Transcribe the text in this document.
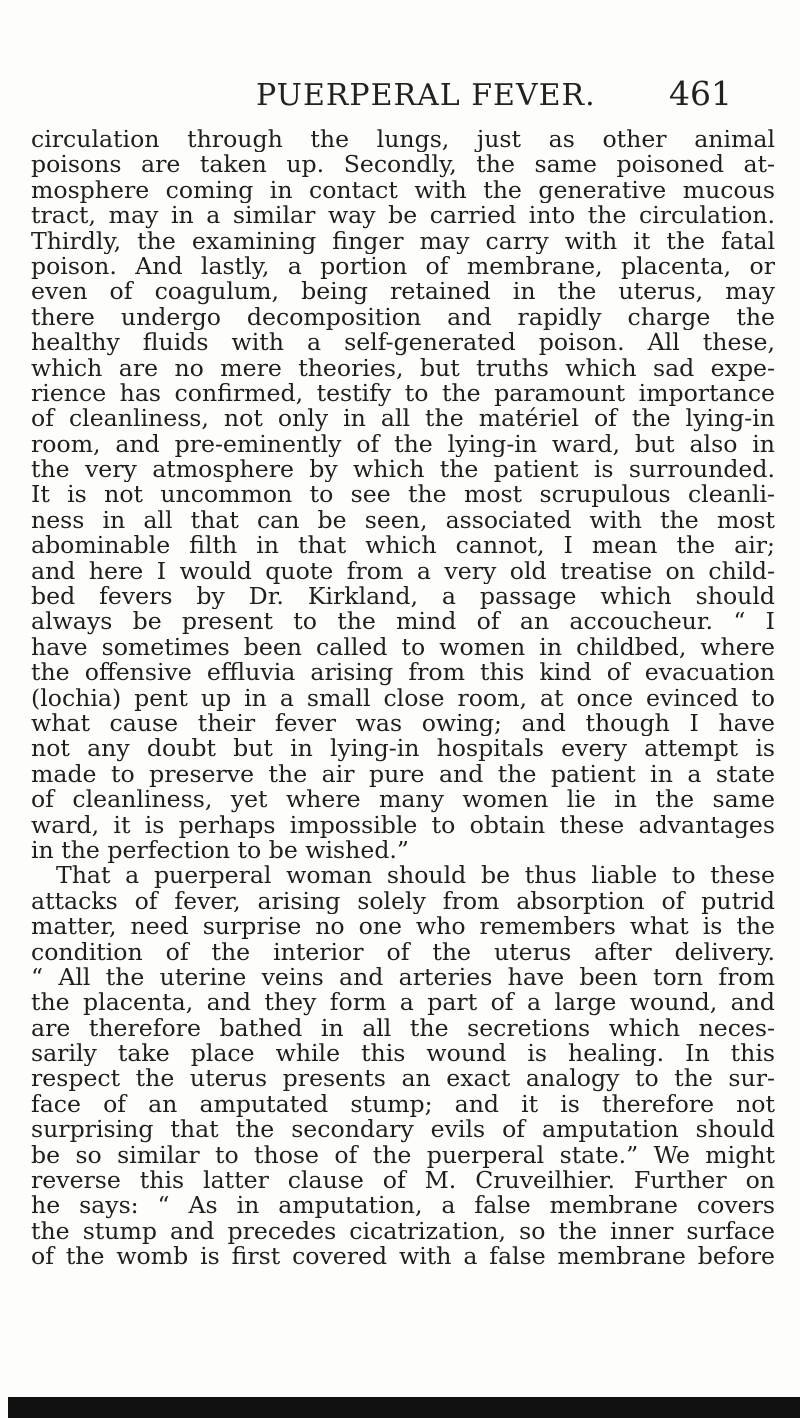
PUERPERAL FEVER. 461
circulation through the lungs, just as other animal
poisons are taken up. Secondly, the same poisoned at-
mosphere coming in contact with the generative mucous
tract, may in a similar way be carried into the circulation.
Thirdly, the examining finger may carry with it the fatal
poison. And lastly, a portion of membrane, placenta, or
even of coagulum, being retained in the uterus, may
there undergo decomposition and rapidly charge the
healthy fluids with a self-generated poison. All these,
which are no mere theories, but truths which sad expe-
rience has confirmed, testify to the paramount importance
of cleanliness, not only in all the matériel of the lying-in
room, and pre-eminently of the lying-in ward, but also in
the very atmosphere by which the patient is surrounded.
It is not uncommon to see the most scrupulous cleanli-
ness in all that can be seen, associated with the most
abominable filth in that which cannot, I mean the air;
and here I would quote from a very old treatise on child-
bed fevers by Dr. Kirkland, a passage which should
always be present to the mind of an accoucheur. “ I
have sometimes been called to women in childbed, where
the offensive effluvia arising from this kind of evacuation
(lochia) pent up in a small close room, at once evinced to
what cause their fever was owing; and though I have
not any doubt but in lying-in hospitals every attempt is
made to preserve the air pure and the patient in a state
of cleanliness, yet where many women lie in the same
ward, it is perhaps impossible to obtain these advantages
in the perfection to be wished.”
That a puerperal woman should be thus liable to these
attacks of fever, arising solely from absorption of putrid
matter, need surprise no one who remembers what is the
condition of the interior of the uterus after delivery.
“ All the uterine veins and arteries have been torn from
the placenta, and they form a part of a large wound, and
are therefore bathed in all the secretions which neces-
sarily take place while this wound is healing. In this
respect the uterus presents an exact analogy to the sur-
face of an amputated stump; and it is therefore not
surprising that the secondary evils of amputation should
be so similar to those of the puerperal state.” We might
reverse this latter clause of M. Cruveilhier. Further on
he says: “ As in amputation, a false membrane covers
the stump and precedes cicatrization, so the inner surface
of the womb is first covered with a false membrane before
